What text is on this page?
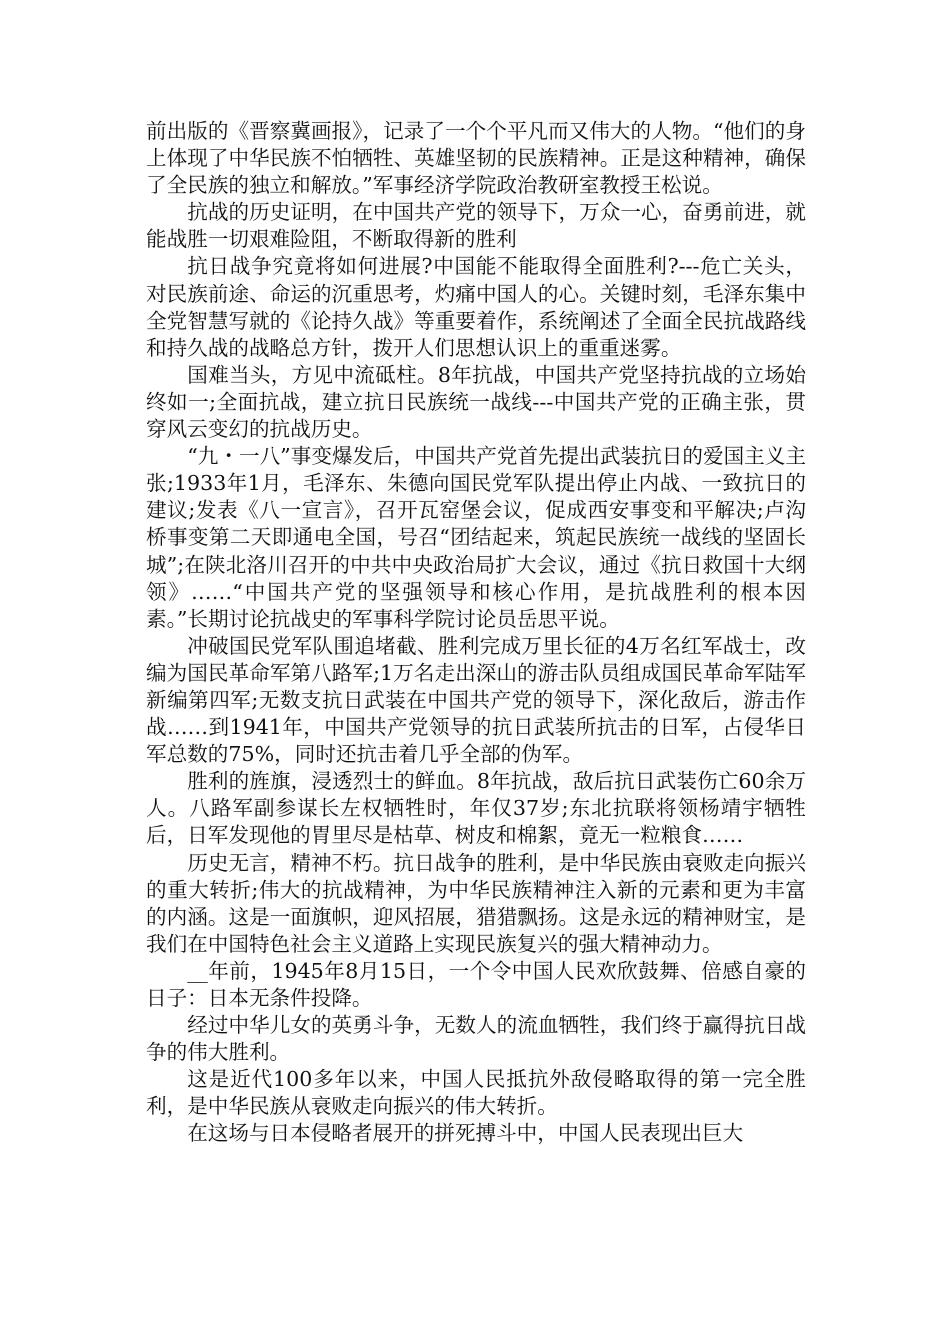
前出版的《晋察冀画报》，记录了一个个平凡而又伟大的人物。“他们的身上体现了中华民族不怕牺牲、英雄坚韧的民族精神。正是这种精神，确保了全民族的独立和解放。”军事经济学院政治教研室教授王松说。

抗战的历史证明，在中国共产党的领导下，万众一心，奋勇前进，就能战胜一切艰难险阻，不断取得新的胜利

抗日战争究竟将如何进展?中国能不能取得全面胜利?---危亡关头，对民族前途、命运的沉重思考，灼痛中国人的心。关键时刻，毛泽东集中全党智慧写就的《论持久战》等重要着作，系统阐述了全面全民抗战路线和持久战的战略总方针，拨开人们思想认识上的重重迷雾。

国难当头，方见中流砥柱。8年抗战，中国共产党坚持抗战的立场始终如一;全面抗战，建立抗日民族统一战线---中国共产党的正确主张，贯穿风云变幻的抗战历史。

“九・一八”事变爆发后，中国共产党首先提出武装抗日的爱国主义主张;1933年1月，毛泽东、朱德向国民党军队提出停止内战、一致抗日的建议;发表《八一宣言》，召开瓦窑堡会议，促成西安事变和平解决;卢沟桥事变第二天即通电全国，号召“团结起来，筑起民族统一战线的坚固长城”;在陕北洛川召开的中共中央政治局扩大会议，通过《抗日救国十大纲领》……“中国共产党的坚强领导和核心作用，是抗战胜利的根本因素。”长期讨论抗战史的军事科学院讨论员岳思平说。

冲破国民党军队围追堵截、胜利完成万里长征的4万名红军战士，改编为国民革命军第八路军;1万名走出深山的游击队员组成国民革命军陆军新编第四军;无数支抗日武装在中国共产党的领导下，深化敌后，游击作战……到1941年，中国共产党领导的抗日武装所抗击的日军，占侵华日军总数的75%，同时还抗击着几乎全部的伪军。

胜利的旌旗，浸透烈士的鲜血。8年抗战，敌后抗日武装伤亡60余万人。八路军副参谋长左权牺牲时，年仅37岁;东北抗联将领杨靖宇牺牲后，日军发现他的胃里尽是枯草、树皮和棉絮，竟无一粒粮食……

历史无言，精神不朽。抗日战争的胜利，是中华民族由衰败走向振兴的重大转折;伟大的抗战精神，为中华民族精神注入新的元素和更为丰富的内涵。这是一面旗帜，迎风招展，猎猎飘扬。这是永远的精神财宝，是我们在中国特色社会主义道路上实现民族复兴的强大精神动力。

__年前，1945年8月15日，一个令中国人民欢欣鼓舞、倍感自豪的日子：日本无条件投降。

经过中华儿女的英勇斗争，无数人的流血牺牲，我们终于赢得抗日战争的伟大胜利。

这是近代100多年以来，中国人民抵抗外敌侵略取得的第一完全胜利，是中华民族从衰败走向振兴的伟大转折。

在这场与日本侵略者展开的拼死搏斗中，中国人民表现出巨大
